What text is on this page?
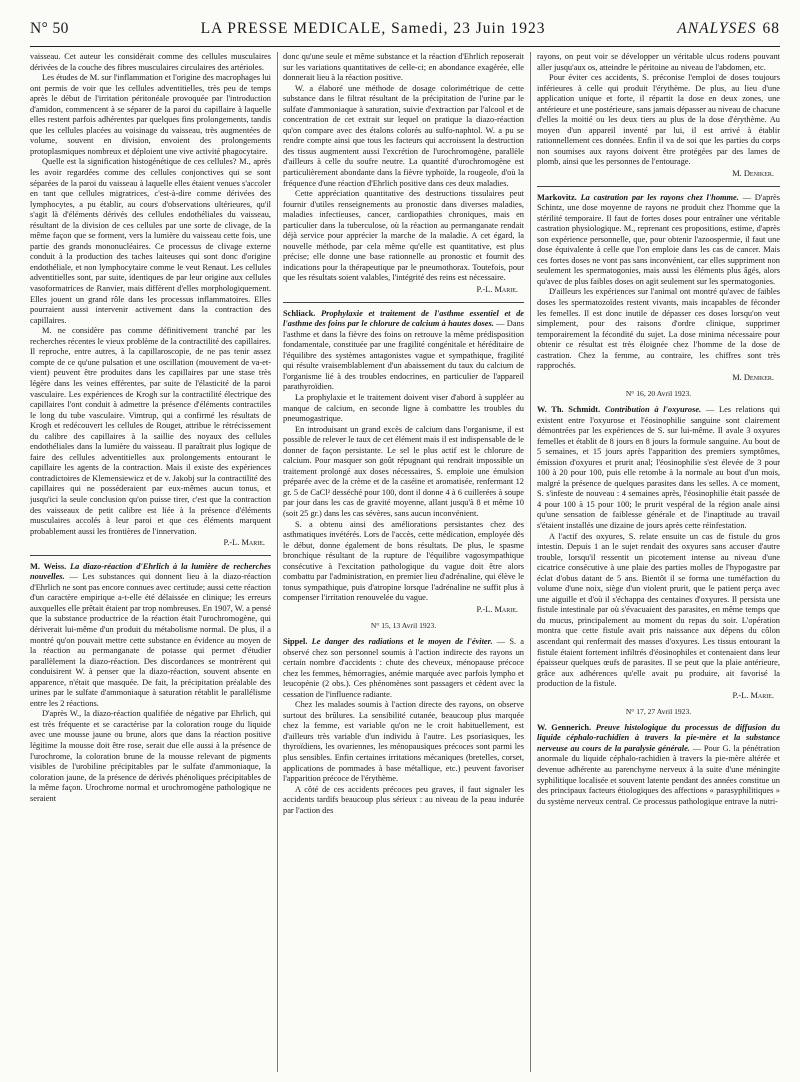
N° 50	LA PRESSE MEDICALE, Samedi, 23 Juin 1923	ANALYSES 68

vaisseau. Cet auteur les considérait comme des cellules musculaires dérivées de la couche des fibres musculaires circulaires des artérioles.

Les études de M. sur l'inflammation et l'origine des macrophages lui ont permis de voir que les cellules adventitielles, très peu de temps après le début de l'irritation péritonéale provoquée par l'introduction d'amidon, commencent à se séparer de la paroi du capillaire à laquelle elles restent parfois adhérentes par quelques fins prolongements, tandis que les cellules placées au voisinage du vaisseau, très augmentées de volume, souvent en division, envoient des prolongements protoplasmiques nombreux et déploient une vive activité phagocytaire.

Quelle est la signification histogénétique de ces cellules? M., après les avoir regardées comme des cellules conjonctives qui se sont séparées de la paroi du vaisseau à laquelle elles étaient venues s'accoler en tant que cellules migratrices, c'est-à-dire comme dérivées des lymphocytes, a pu établir, au cours d'observations ultérieures, qu'il s'agit là d'éléments dérivés des cellules endothéliales du vaisseau, résultant de la division de ces cellules par une sorte de clivage, de la même façon que se forment, vers la lumière du vaisseau cette fois, une partie des grands mononucléaires. Ce processus de clivage externe conduit à la production des taches laiteuses qui sont donc d'origine endothéliale, et non lymphocytaire comme le veut Renaut. Les cellules adventitielles sont, par suite, identiques de par leur origine aux cellules vasoformatrices de Ranvier, mais diffèrent d'elles morphologiquement. Elles jouent un grand rôle dans les processus inflammatoires. Elles pourraient aussi intervenir activement dans la contraction des capillaires.

M. ne considère pas comme définitivement tranché par les recherches récentes le vieux problème de la contractilité des capillaires. Il reproche, entre autres, à la capillaroscopie, de ne pas tenir assez compte de ce qu'une pulsation et une oscillation (mouvement de va-et-vient) peuvent être produites dans les capillaires par une stase très légère dans les veines efférentes, par suite de l'élasticité de la paroi vasculaire. Les expériences de Krogh sur la contractilité électrique des capillaires l'ont conduit à admettre la présence d'éléments contractiles le long du tube vasculaire. Vimtrup, qui a confirmé les résultats de Krogh et redécouvert les cellules de Rouget, attribue le rétrécissement du calibre des capillaires à la saillie des noyaux des cellules endothéliales dans la lumière du vaisseau. Il paraîtrait plus logique de faire des cellules adventitielles aux prolongements entourant le capillaire les agents de la contraction. Mais il existe des expériences contradictoires de Klemensiewicz et de v. Jakobj sur la contractilité des capillaires qui ne posséderaient par eux-mêmes aucun tonus, et jusqu'ici la seule conclusion qu'on puisse tirer, c'est que la contraction des vaisseaux de petit calibre est liée à la présence d'éléments musculaires accolés à leur paroi et que ces éléments marquent probablement aussi les frontières de l'innervation.

P.-L. Marie.

M. Weiss. La diazo-réaction d'Ehrlich à la lumière de recherches nouvelles. — Les substances qui donnent lieu à la diazo-réaction d'Ehrlich ne sont pas encore connues avec certitude; aussi cette réaction d'un caractère empirique a-t-elle été délaissée en clinique; les erreurs auxquelles elle prêtait étaient par trop nombreuses. En 1907, W. a pensé que la substance productrice de la réaction était l'urochromogène, qui dériverait lui-même d'un produit du métabolisme normal. De plus, il a montré qu'on pouvait mettre cette substance en évidence au moyen de la réaction au permanganate de potasse qui permet d'étudier parallèlement la diazo-réaction. Des discordances se montrèrent qui conduisirent W. à penser que la diazo-réaction, souvent absente en apparence, n'était que masquée. De fait, la précipitation préalable des urines par le sulfate d'ammoniaque à saturation rétablit le parallélisme entre les 2 réactions.

D'après W., la diazo-réaction qualifiée de négative par Ehrlich, qui est très fréquente et se caractérise par la coloration rouge du liquide avec une mousse jaune ou brune, alors que dans la réaction positive légitime la mousse doit être rose, serait due elle aussi à la présence de l'urochrome, la coloration brune de la mousse relevant de pigments visibles de l'urobiline précipitables par le sulfate d'ammoniaque, la coloration jaune, de la présence de dérivés phénoliques précipitables de la même façon. Urochrome normal et urochromogène pathologique ne seraient

donc qu'une seule et même substance et la réaction d'Ehrlich reposerait sur les variations quantitatives de celle-ci; en abondance exagérée, elle donnerait lieu à la réaction positive.

W. a élaboré une méthode de dosage colorimétrique de cette substance dans le filtrat résultant de la précipitation de l'urine par le sulfate d'ammoniaque à saturation, suivie d'extraction par l'alcool et de concentration de cet extrait sur lequel on pratique la diazo-réaction qu'on compare avec des étalons colorés au sulfo-naphtol. W. a pu se rendre compte ainsi que tous les facteurs qui accroissent la destruction des tissus augmentent aussi l'excrétion de l'urochromogène, parallèle d'ailleurs à celle du soufre neutre. La quantité d'urochromogène est particulièrement abondante dans la fièvre typhoïde, la rougeole, d'où la fréquence d'une réaction d'Ehrlich positive dans ces deux maladies.

Cette appréciation quantitative des destructions tissulaires peut fournir d'utiles renseignements au pronostic dans diverses maladies, maladies infectieuses, cancer, cardiopathies chroniques, mais en particulier dans la tuberculose, où la réaction au permanganate rendait déjà service pour apprécier la marche de la maladie. A cet égard, la nouvelle méthode, par cela même qu'elle est quantitative, est plus précise; elle donne une base rationnelle au pronostic et fournit des indications pour la thérapeutique par le pneumothorax. Toutefois, pour que les résultats soient valables, l'intégrité des reins est nécessaire.

P.-L. Marie.

Schliack. Prophylaxie et traitement de l'asthme essentiel et de l'asthme des foins par le chlorure de calcium à hautes doses. — Dans l'asthme et dans la fièvre des foins on retrouve la même prédisposition fondamentale, constituée par une fragilité congénitale et héréditaire de l'équilibre des systèmes antagonistes vague et sympathique, fragilité qui résulte vraisemblablement d'un abaissement du taux du calcium de l'organisme lié à des troubles endocrines, en particulier de l'appareil parathyroïdien.

La prophylaxie et le traitement doivent viser d'abord à suppléer au manque de calcium, en seconde ligne à combattre les troubles du pneumogastrique.

En introduisant un grand excès de calcium dans l'organisme, il est possible de relever le taux de cet élément mais il est indispensable de le donner de façon persistante. Le sel le plus actif est le chlorure de calcium. Pour masquer son goût répugnant qui rendrait impossible un traitement prolongé aux doses nécessaires, S. emploie une émulsion préparée avec de la crème et de la caséine et aromatisée, renfermant 12 gr. 5 de CaCl² desséché pour 100, dont il donne 4 à 6 cuillerées à soupe par jour dans les cas de gravité moyenne, allant jusqu'à 8 et même 10 (soit 25 gr.) dans les cas sévères, sans aucun inconvénient.

S. a obtenu ainsi des améliorations persistantes chez des asthmatiques invétérés. Lors de l'accès, cette médication, employée dès le début, donne également de bons résultats. De plus, le spasme bronchique résultant de la rupture de l'équilibre vagosympathique consécutive à l'excitation pathologique du vague doit être alors combattu par l'administration, en premier lieu d'adrénaline, qui élève le tonus sympathique, puis d'atropine lorsque l'adrénaline ne suffit plus à compenser l'irritation renouvelée du vague.

P.-L. Marie.
N° 15, 13 Avril 1923.

Sippel. Le danger des radiations et le moyen de l'éviter. — S. a observé chez son personnel soumis à l'action indirecte des rayons un certain nombre d'accidents : chute des cheveux, ménopause précoce chez les femmes, hémorragies, anémie marquée avec parfois lympho et leucopénie (2 obs.). Ces phénomènes sont passagers et cèdent avec la cessation de l'influence radiante.

Chez les malades soumis à l'action directe des rayons, on observe surtout des brûlures. La sensibilité cutanée, beaucoup plus marquée chez la femme, est variable qu'on ne le croit habituellement, est d'ailleurs très variable d'un individu à l'autre. Les psoriasiques, les thyroïdiens, les ovariennes, les ménopausiques précoces sont parmi les plus sensibles. Enfin certaines irritations mécaniques (bretelles, corset, applications de pommades à base métallique, etc.) peuvent favoriser l'apparition précoce de l'érythème.

A côté de ces accidents précoces peu graves, il faut signaler les accidents tardifs beaucoup plus sérieux : au niveau de la peau indurée par l'action des

rayons, on peut voir se développer un véritable ulcus rodens pouvant aller jusqu'aux os, atteindre le péritoine au niveau de l'abdomen, etc.

Pour éviter ces accidents, S. préconise l'emploi de doses toujours inférieures à celle qui produit l'érythème. De plus, au lieu d'une application unique et forte, il répartit la dose en deux zones, une antérieure et une postérieure, sans jamais dépasser au niveau de chacune d'elles la moitié ou les deux tiers au plus de la dose d'érythème. Au moyen d'un appareil inventé par lui, il est arrivé à établir rationnellement ces données. Enfin il va de soi que les parties du corps non soumises aux rayons doivent être protégées par des lames de plomb, ainsi que les personnes de l'entourage.

M. Deniker.

Markovitz. La castration par les rayons chez l'homme. — D'après Schintz, une dose moyenne de rayons ne produit chez l'homme que la stérilité temporaire. Il faut de fortes doses pour entraîner une véritable castration physiologique. M., reprenant ces propositions, estime, d'après son expérience personnelle, que, pour obtenir l'azoospermie, il faut une dose équivalente à celle que l'on emploie dans les cas de cancer. Mais ces fortes doses ne vont pas sans inconvénient, car elles suppriment non seulement les spermatogonies, mais aussi les éléments plus âgés, alors qu'avec de plus faibles doses on agit seulement sur les spermatogonies.

D'ailleurs les expériences sur l'animal ont montré qu'avec de faibles doses les spermatozoïdes restent vivants, mais incapables de féconder les femelles. Il est donc inutile de dépasser ces doses lorsqu'on veut simplement, pour des raisons d'ordre clinique, supprimer temporairement la fécondité du sujet. La dose minima nécessaire pour obtenir ce résultat est très éloignée chez l'homme de la dose de castration. Chez la femme, au contraire, les chiffres sont très rapprochés.

M. Deniker.
N° 16, 20 Avril 1923.

W. Th. Schmidt. Contribution à l'oxyurose. — Les relations qui existent entre l'oxyurose et l'éosinophilie sanguine sont clairement démontrées par les expériences de S. sur lui-même. Il avale 3 oxyures femelles et établit de 8 jours en 8 jours la formule sanguine. Au bout de 5 semaines, et 15 jours après l'apparition des premiers symptômes, émission d'oxyures et prurit anal; l'éosinophilie s'est élevée de 3 pour 100 à 20 pour 100, puis elle retombe à la normale au bout d'un mois, malgré la présence de quelques parasites dans les selles. A ce moment, S. s'infeste de nouveau : 4 semaines après, l'éosinophilie était passée de 4 pour 100 à 15 pour 100; le prurit vespéral de la région anale ainsi qu'une sensation de faiblesse générale et de l'inaptitude au travail s'étaient installés une dizaine de jours après cette réinfestation.

A l'actif des oxyures, S. relate ensuite un cas de fistule du gros intestin. Depuis 1 an le sujet rendait des oxyures sans accuser d'autre trouble, lorsqu'il ressentit un picotement intense au niveau d'une cicatrice consécutive à une plaie des parties molles de l'hypogastre par éclat d'obus datant de 5 ans. Bientôt il se forma une tuméfaction du volume d'une noix, siège d'un violent prurit, que le patient perça avec une aiguille et d'où il s'échappa des centaines d'oxyures. Il persista une fistule intestinale par où s'évacuaient des parasites, en même temps que du mucus, principalement au moment du repas du soir. L'opération montra que cette fistule avait pris naissance aux dépens du côlon ascendant qui renfermait des masses d'oxyures. Les tissus entourant la fistule étaient fortement infiltrés d'éosinophiles et contenaient dans leur épaisseur quelques œufs de parasites. Il se peut que la plaie antérieure, grâce aux adhérences qu'elle avait pu produire, ait favorisé la production de la fistule.

P.-L. Marie.
N° 17, 27 Avril 1923.

W. Gennerich. Preuve histologique du processus de diffusion du liquide céphalo-rachidien à travers la pie-mère et la substance nerveuse au cours de la paralysie générale. — Pour G. la pénétration anormale du liquide céphalo-rachidien à travers la pie-mère altérée et devenue adhérente au parenchyme nerveux à la suite d'une méningite syphilitique localisée et souvent latente pendant des années constitue un des principaux facteurs étiologiques des affections « parasyphilitiques » du système nerveux central. Ce processus pathologique entrave la nutri-
